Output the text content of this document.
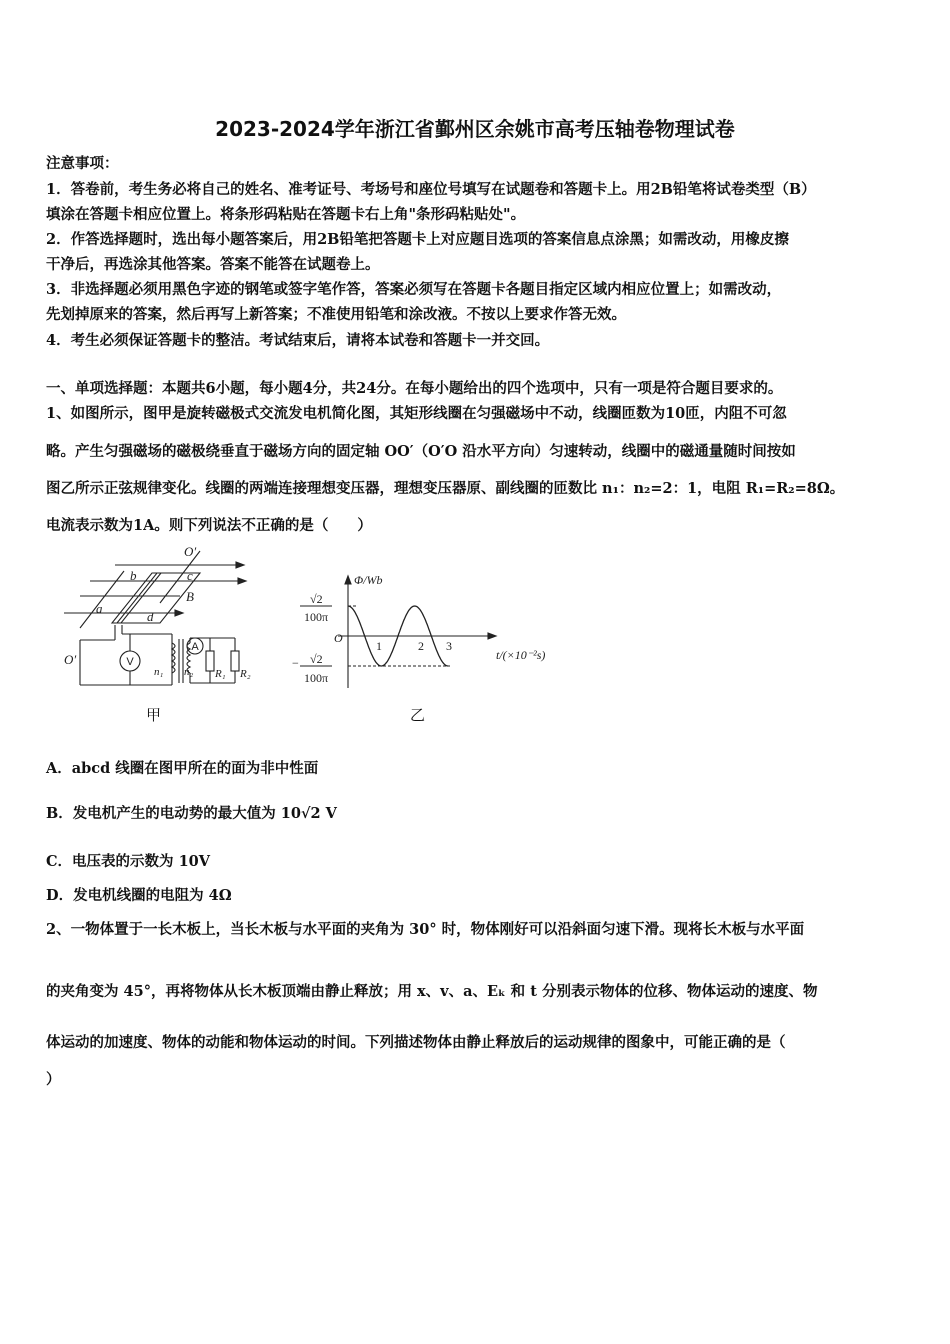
2023-2024学年浙江省鄞州区余姚市高考压轴卷物理试卷
注意事项：
1．答卷前，考生务必将自己的姓名、准考证号、考场号和座位号填写在试题卷和答题卡上。用2B铅笔将试卷类型（B）
填涂在答题卡相应位置上。将条形码粘贴在答题卡右上角"条形码粘贴处"。
2．作答选择题时，选出每小题答案后，用2B铅笔把答题卡上对应题目选项的答案信息点涂黑；如需改动，用橡皮擦
干净后，再选涂其他答案。答案不能答在试题卷上。
3．非选择题必须用黑色字迹的钢笔或签字笔作答，答案必须写在答题卡各题目指定区域内相应位置上；如需改动，
先划掉原来的答案，然后再写上新答案；不准使用铅笔和涂改液。不按以上要求作答无效。
4．考生必须保证答题卡的整洁。考试结束后，请将本试卷和答题卡一并交回。
一、单项选择题：本题共6小题，每小题4分，共24分。在每小题给出的四个选项中，只有一项是符合题目要求的。
1、如图所示，图甲是旋转磁极式交流发电机简化图，其矩形线圈在匀强磁场中不动，线圈匝数为10匝，内阻不可忽
略。产生匀强磁场的磁极绕垂直于磁场方向的固定轴 OO′（O′O 沿水平方向）匀速转动，线圈中的磁通量随时间按如
图乙所示正弦规律变化。线圈的两端连接理想变压器，理想变压器原、副线圈的匝数比 n₁：n₂=2：1，电阻 R₁=R₂=8Ω。
电流表示数为1A。则下列说法不正确的是（　　）
O′
b	c
B
a
d
O′
n₁ n₂ R₁ R₂
V
A
甲
Φ/Wb
√2
100π
O
1	2 3
t/(×10⁻²s)
− √2
100π
乙
A．abcd 线圈在图甲所在的面为非中性面
B．发电机产生的电动势的最大值为 10√2 V
C．电压表的示数为 10V
D．发电机线圈的电阻为 4Ω
2、一物体置于一长木板上，当长木板与水平面的夹角为 30° 时，物体刚好可以沿斜面匀速下滑。现将长木板与水平面
的夹角变为 45°，再将物体从长木板顶端由静止释放；用 x、v、a、Eₖ 和 t 分别表示物体的位移、物体运动的速度、物
体运动的加速度、物体的动能和物体运动的时间。下列描述物体由静止释放后的运动规律的图象中，可能正确的是（
）
